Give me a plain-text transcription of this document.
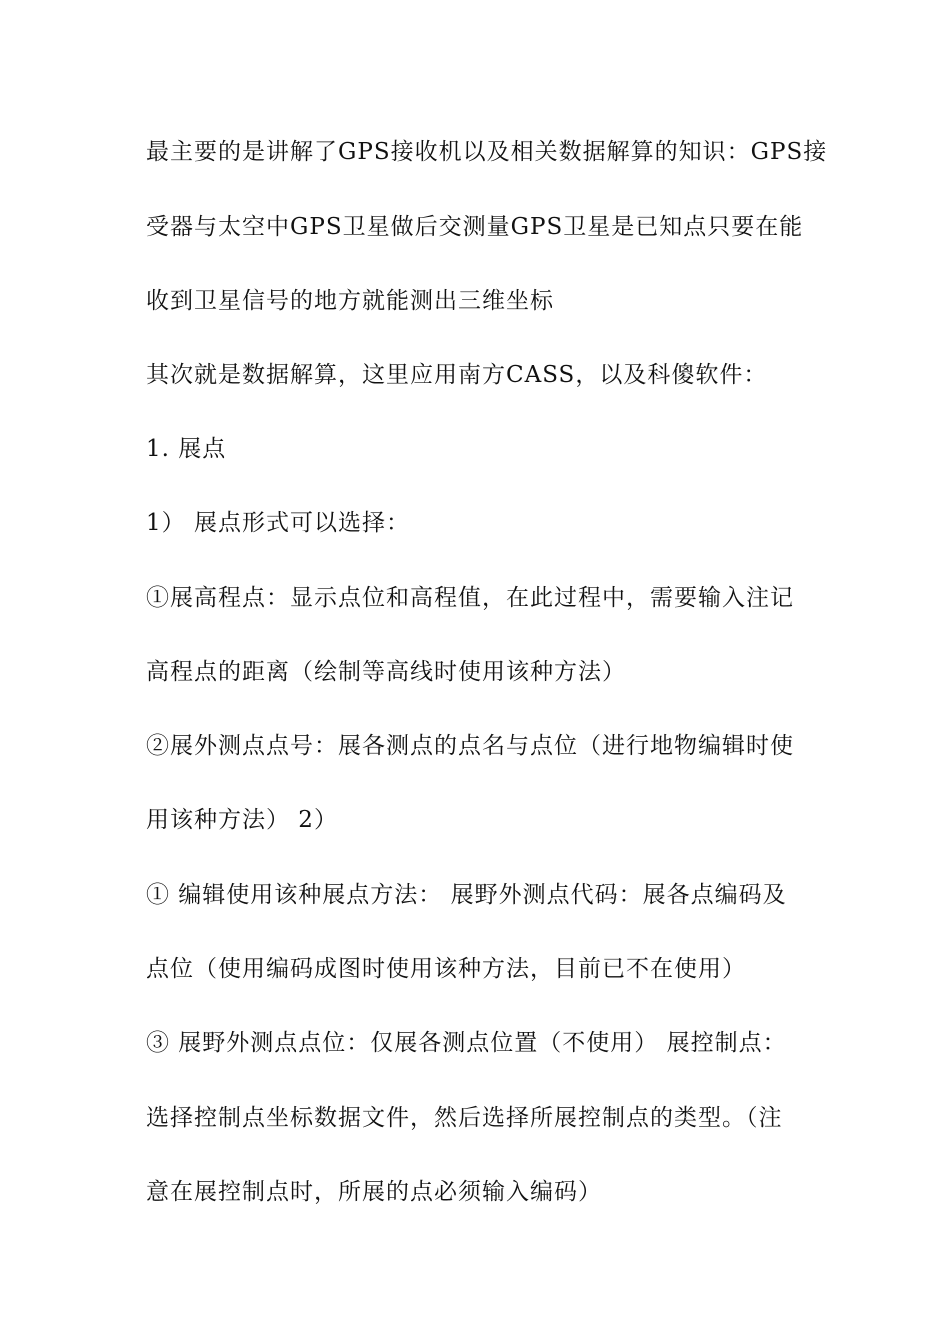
最主要的是讲解了GPS接收机以及相关数据解算的知识：GPS接
受器与太空中GPS卫星做后交测量GPS卫星是已知点只要在能
收到卫星信号的地方就能测出三维坐标
其次就是数据解算，这里应用南方CASS，以及科傻软件：
1. 展点
1） 展点形式可以选择：
①展高程点：显示点位和高程值，在此过程中，需要输入注记
高程点的距离（绘制等高线时使用该种方法）
②展外测点点号：展各测点的点名与点位（进行地物编辑时使
用该种方法） 2）
① 编辑使用该种展点方法： 展野外测点代码：展各点编码及
点位（使用编码成图时使用该种方法，目前已不在使用）
③ 展野外测点点位：仅展各测点位置（不使用） 展控制点：
选择控制点坐标数据文件，然后选择所展控制点的类型。（注
意在展控制点时，所展的点必须输入编码）
